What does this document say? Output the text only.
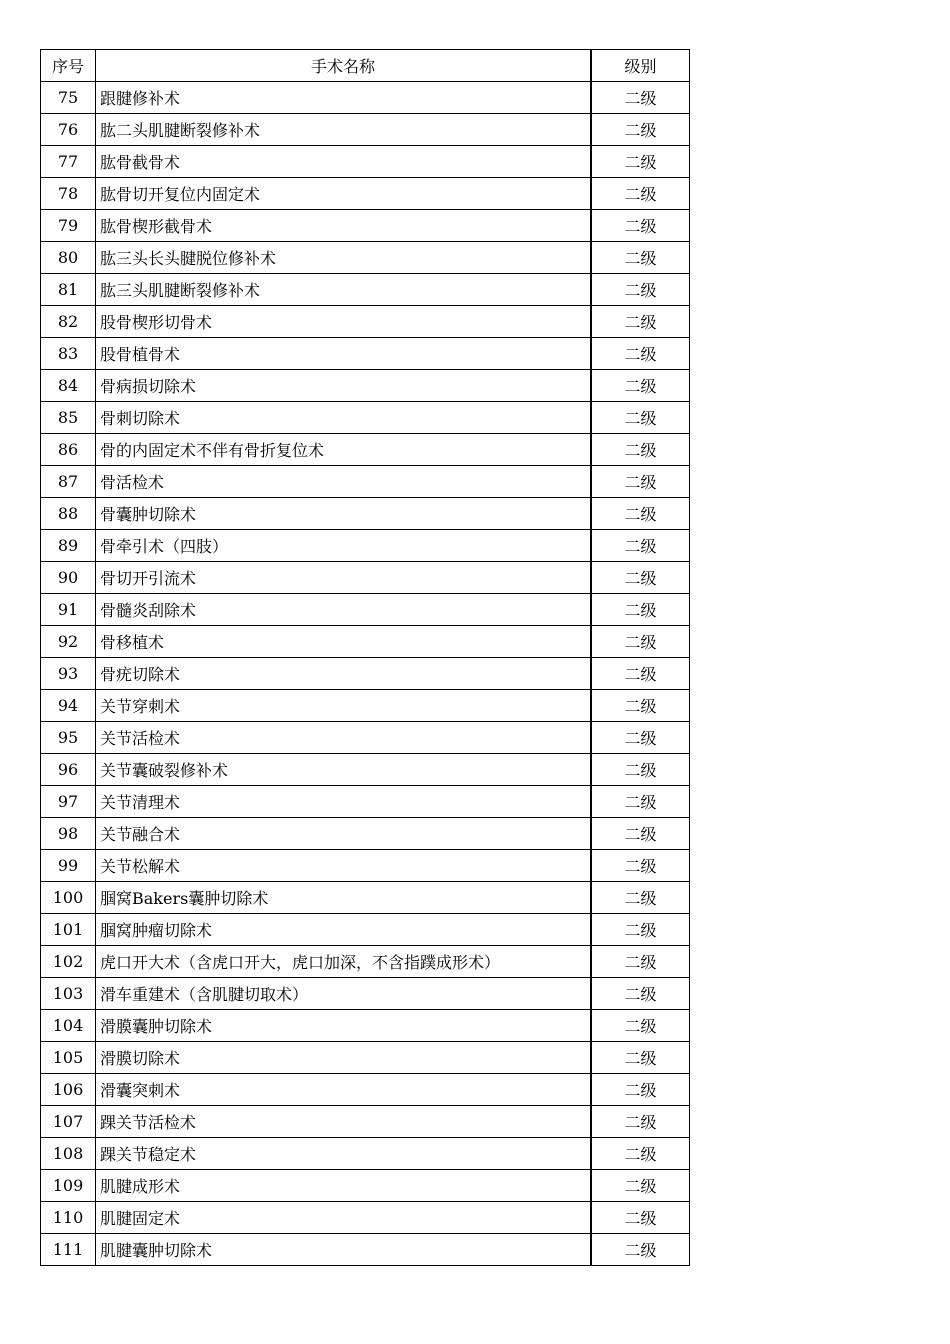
序号	手术名称	级别
75	跟腱修补术	二级
76	肱二头肌腱断裂修补术	二级
77	肱骨截骨术	二级
78	肱骨切开复位内固定术	二级
79	肱骨楔形截骨术	二级
80	肱三头长头腱脱位修补术	二级
81	肱三头肌腱断裂修补术	二级
82	股骨楔形切骨术	二级
83	股骨植骨术	二级
84	骨病损切除术	二级
85	骨刺切除术	二级
86	骨的内固定术不伴有骨折复位术	二级
87	骨活检术	二级
88	骨囊肿切除术	二级
89	骨牵引术（四肢）	二级
90	骨切开引流术	二级
91	骨髓炎刮除术	二级
92	骨移植术	二级
93	骨疣切除术	二级
94	关节穿刺术	二级
95	关节活检术	二级
96	关节囊破裂修补术	二级
97	关节清理术	二级
98	关节融合术	二级
99	关节松解术	二级
100	腘窝Bakers囊肿切除术	二级
101	腘窝肿瘤切除术	二级
102	虎口开大术（含虎口开大，虎口加深，不含指蹼成形术）	二级
103	滑车重建术（含肌腱切取术）	二级
104	滑膜囊肿切除术	二级
105	滑膜切除术	二级
106	滑囊突刺术	二级
107	踝关节活检术	二级
108	踝关节稳定术	二级
109	肌腱成形术	二级
110	肌腱固定术	二级
111	肌腱囊肿切除术	二级
